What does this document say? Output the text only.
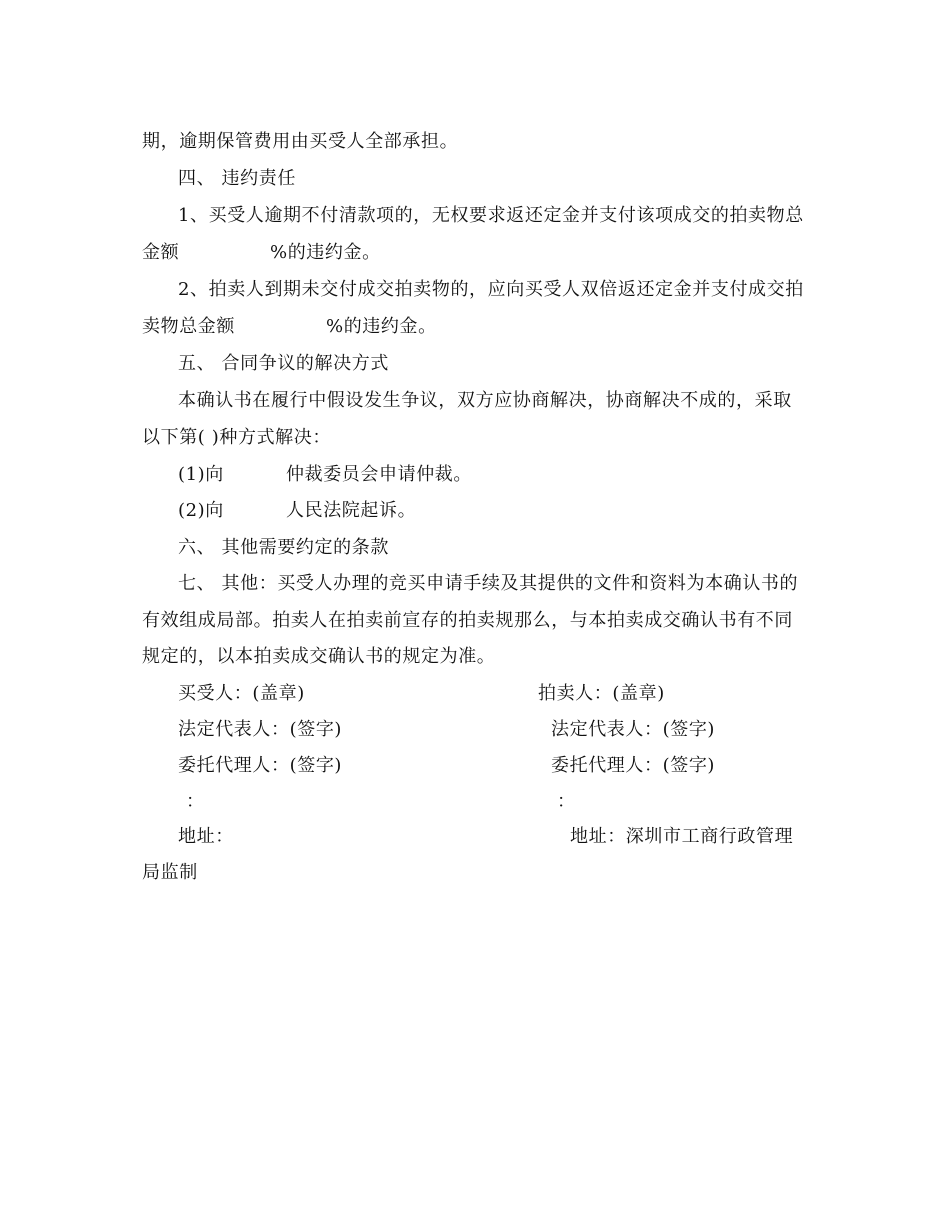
期，逾期保管费用由买受人全部承担。
四、 违约责任
1、买受人逾期不付清款项的，无权要求返还定金并支付该项成交的拍卖物总
金额	%的违约金。
2、拍卖人到期未交付成交拍卖物的，应向买受人双倍返还定金并支付成交拍
卖物总金额	%的违约金。
五、 合同争议的解决方式
本确认书在履行中假设发生争议，双方应协商解决，协商解决不成的，采取
以下第( )种方式解决：
(1)向	仲裁委员会申请仲裁。
(2)向	人民法院起诉。
六、 其他需要约定的条款
七、 其他：买受人办理的竞买申请手续及其提供的文件和资料为本确认书的
有效组成局部。拍卖人在拍卖前宣存的拍卖规那么，与本拍卖成交确认书有不同
规定的，以本拍卖成交确认书的规定为准。
买受人：(盖章)	拍卖人：(盖章)
法定代表人：(签字)	法定代表人：(签字)
委托代理人：(签字)	委托代理人：(签字)
：	：
地址：	地址：深圳市工商行政管理
局监制
